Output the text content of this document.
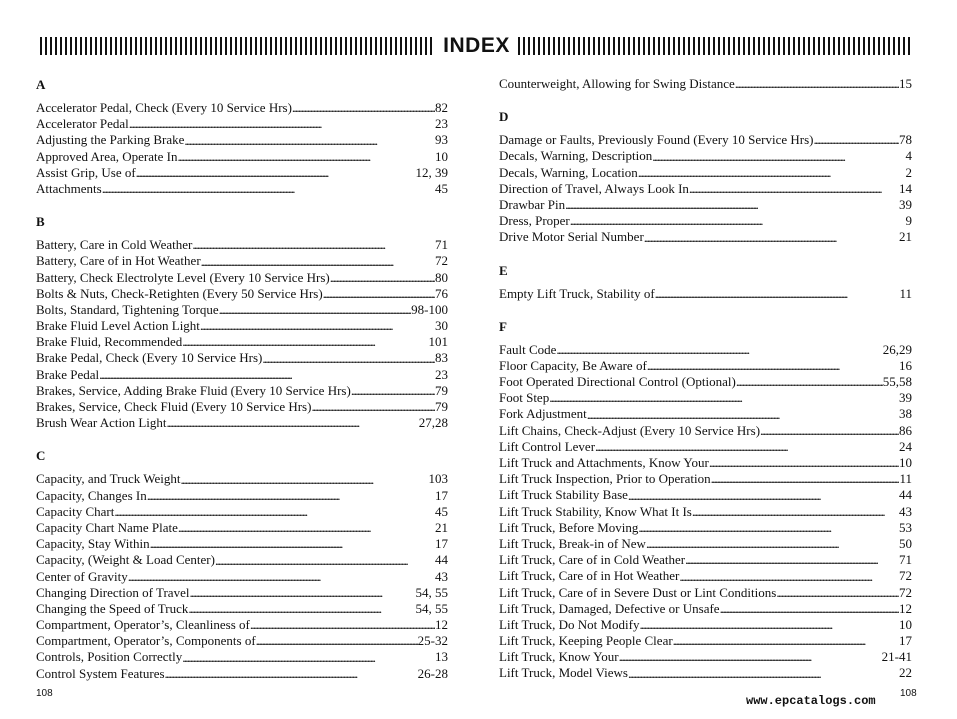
INDEX
A
Accelerator Pedal, Check (Every 10 Service Hrs) . . .	82
Accelerator Pedal . . .	23
Adjusting the Parking Brake . . .	93
Approved Area, Operate In . . .	10
Assist Grip, Use of . . .	12, 39
Attachments . . .	45
B
Battery, Care in Cold Weather . . .	71
Battery, Care of in Hot Weather . . .	72
Battery, Check Electrolyte Level (Every 10 Service Hrs) . . .	80
Bolts & Nuts, Check-Retighten (Every 50 Service Hrs) . . .	76
Bolts, Standard, Tightening Torque . . .	98-100
Brake Fluid Level Action Light . . .	30
Brake Fluid, Recommended . . .	101
Brake Pedal, Check (Every 10 Service Hrs) . . .	83
Brake Pedal . . .	23
Brakes, Service, Adding Brake Fluid (Every 10 Service Hrs) . . .	79
Brakes, Service, Check Fluid (Every 10 Service Hrs) . . .	79
Brush Wear Action Light . . .	27,28
C
Capacity, and Truck Weight . . .	103
Capacity, Changes In . . .	17
Capacity Chart . . .	45
Capacity Chart Name Plate . . .	21
Capacity, Stay Within . . .	17
Capacity, (Weight & Load Center) . . .	44
Center of Gravity . . .	43
Changing Direction of Travel . . .	54, 55
Changing the Speed of Truck . . .	54, 55
Compartment, Operator’s, Cleanliness of . . .	12
Compartment, Operator’s, Components of . . .	25-32
Controls, Position Correctly . . .	13
Control System Features . . .	26-28
Counterweight, Allowing for Swing Distance . . .	15
D
Damage or Faults, Previously Found (Every 10 Service Hrs) . . .	78
Decals, Warning, Description . . .	4
Decals, Warning, Location . . .	2
Direction of Travel, Always Look In . . .	14
Drawbar Pin . . .	39
Dress, Proper . . .	9
Drive Motor Serial Number . . .	21
E
Empty Lift Truck, Stability of . . .	11
F
Fault Code . . .	26,29
Floor Capacity, Be Aware of . . .	16
Foot Operated Directional Control (Optional) . . .	55,58
Foot Step . . .	39
Fork Adjustment . . .	38
Lift Chains, Check-Adjust (Every 10 Service Hrs) . . .	86
Lift Control Lever . . .	24
Lift Truck and Attachments, Know Your . . .	10
Lift Truck Inspection, Prior to Operation . . .	11
Lift Truck Stability Base . . .	44
Lift Truck Stability, Know What It Is . . .	43
Lift Truck, Before Moving . . .	53
Lift Truck, Break-in of New . . .	50
Lift Truck, Care of in Cold Weather . . .	71
Lift Truck, Care of in Hot Weather . . .	72
Lift Truck, Care of in Severe Dust or Lint Conditions . . .	72
Lift Truck, Damaged, Defective or Unsafe . . .	12
Lift Truck, Do Not Modify . . .	10
Lift Truck, Keeping People Clear . . .	17
Lift Truck, Know Your . . .	21-41
Lift Truck, Model Views . . .	22
108	108
www.epcatalogs.com
